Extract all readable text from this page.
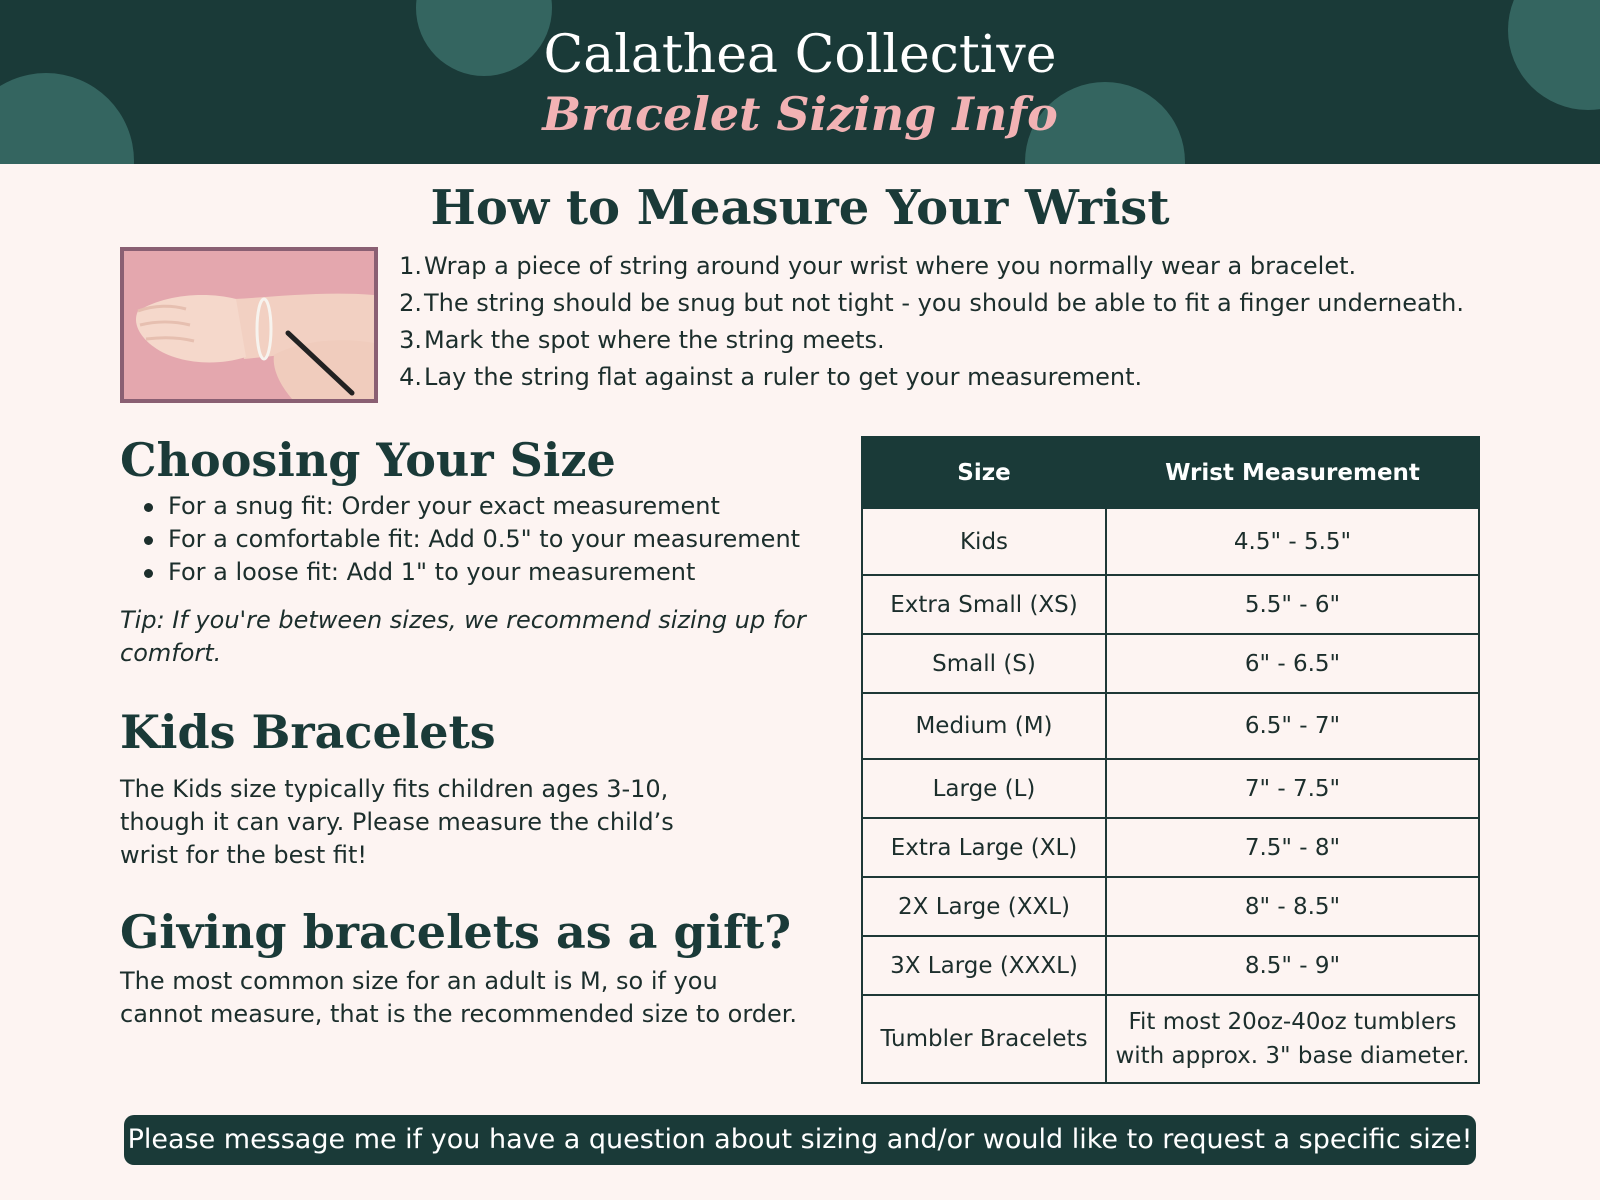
Calathea Collective
Bracelet Sizing Info
How to Measure Your Wrist
1. Wrap a piece of string around your wrist where you normally wear a bracelet.
2. The string should be snug but not tight - you should be able to fit a finger underneath.
3. Mark the spot where the string meets.
4. Lay the string flat against a ruler to get your measurement.
Choosing Your Size
For a snug fit: Order your exact measurement
For a comfortable fit: Add 0.5" to your measurement
For a loose fit: Add 1" to your measurement
Tip: If you're between sizes, we recommend sizing up for comfort.
Kids Bracelets
The Kids size typically fits children ages 3-10,
though it can vary. Please measure the child’s
wrist for the best fit!
Giving bracelets as a gift?
The most common size for an adult is M, so if you
cannot measure, that is the recommended size to order.
Size	Wrist Measurement
Kids	4.5" - 5.5"
Extra Small (XS)	5.5" - 6"
Small (S)	6" - 6.5"
Medium (M)	6.5" - 7"
Large (L)	7" - 7.5"
Extra Large (XL)	7.5" - 8"
2X Large (XXL)	8" - 8.5"
3X Large (XXXL)	8.5" - 9"
Tumbler Bracelets	Fit most 20oz-40oz tumblers
with approx. 3" base diameter.
Please message me if you have a question about sizing and/or would like to request a specific size!
